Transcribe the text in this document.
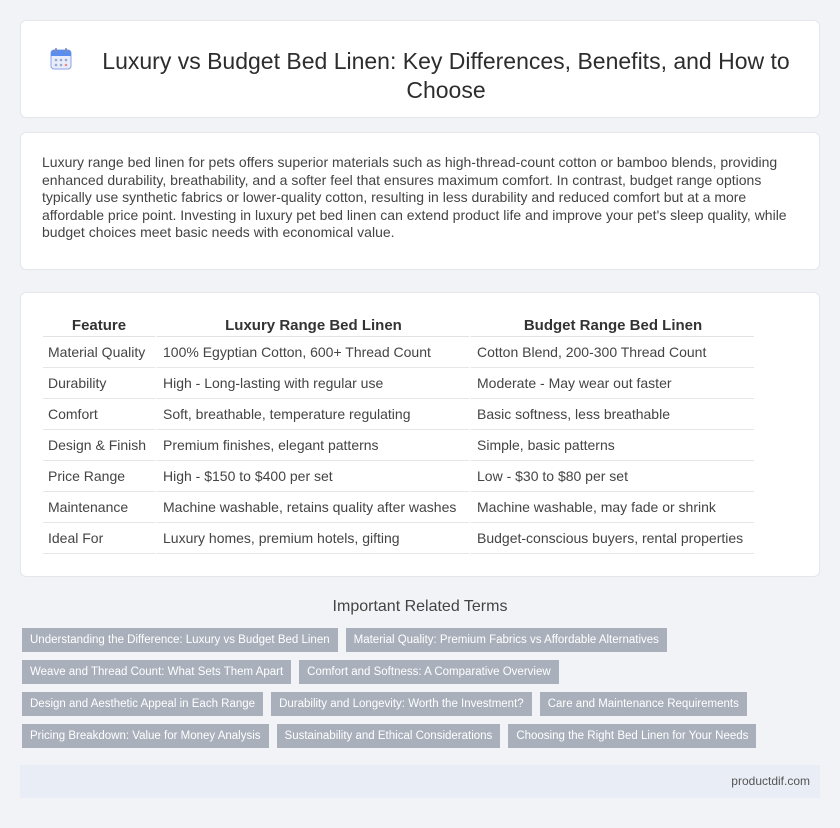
Luxury vs Budget Bed Linen: Key Differences, Benefits, and How to Choose

Luxury range bed linen for pets offers superior materials such as high-thread-count cotton or bamboo blends, providing enhanced durability, breathability, and a softer feel that ensures maximum comfort. In contrast, budget range options typically use synthetic fabrics or lower-quality cotton, resulting in less durability and reduced comfort but at a more affordable price point. Investing in luxury pet bed linen can extend product life and improve your pet's sleep quality, while budget choices meet basic needs with economical value.

Feature	Luxury Range Bed Linen	Budget Range Bed Linen
Material Quality	100% Egyptian Cotton, 600+ Thread Count	Cotton Blend, 200-300 Thread Count
Durability	High - Long-lasting with regular use	Moderate - May wear out faster
Comfort	Soft, breathable, temperature regulating	Basic softness, less breathable
Design & Finish	Premium finishes, elegant patterns	Simple, basic patterns
Price Range	High - $150 to $400 per set	Low - $30 to $80 per set
Maintenance	Machine washable, retains quality after washes	Machine washable, may fade or shrink
Ideal For	Luxury homes, premium hotels, gifting	Budget-conscious buyers, rental properties
Important Related Terms
Understanding the Difference: Luxury vs Budget Bed Linen	Material Quality: Premium Fabrics vs Affordable Alternatives
Weave and Thread Count: What Sets Them Apart	Comfort and Softness: A Comparative Overview
Design and Aesthetic Appeal in Each Range	Durability and Longevity: Worth the Investment?	Care and Maintenance Requirements
Pricing Breakdown: Value for Money Analysis	Sustainability and Ethical Considerations	Choosing the Right Bed Linen for Your Needs
productdif.com
